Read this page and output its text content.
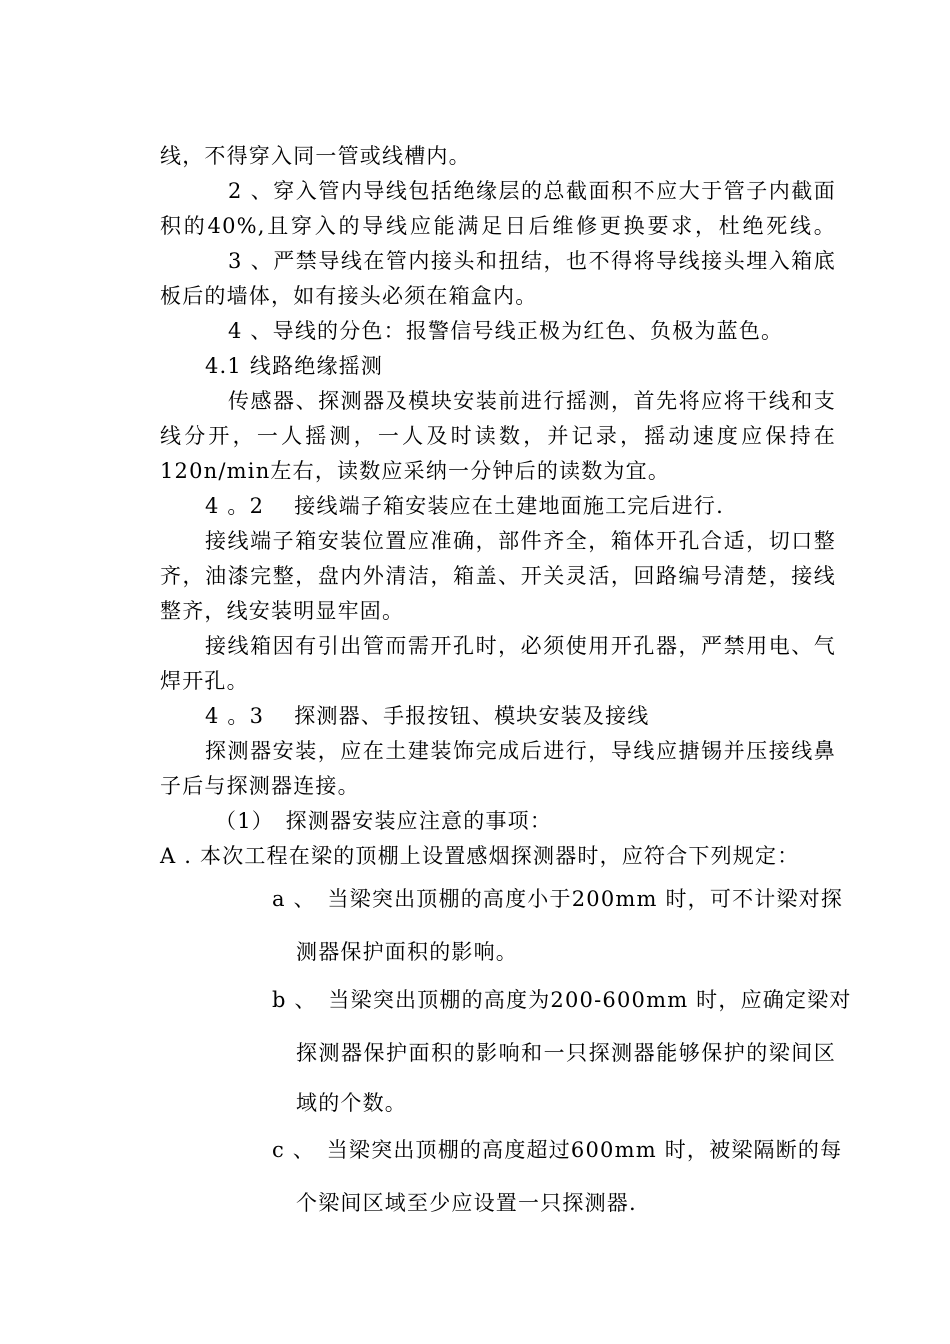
线，不得穿入同一管或线槽内。
2 、穿入管内导线包括绝缘层的总截面积不应大于管子内截面
积的40%,且穿入的导线应能满足日后维修更换要求，杜绝死线。
3 、严禁导线在管内接头和扭结，也不得将导线接头埋入箱底
板后的墙体，如有接头必须在箱盒内。
4 、导线的分色：报警信号线正极为红色、负极为蓝色。
4.1 线路绝缘摇测
传感器、探测器及模块安装前进行摇测，首先将应将干线和支
线分开，一人摇测，一人及时读数，并记录，摇动速度应保持在
120n/min左右，读数应采纳一分钟后的读数为宜。
4 。2　 接线端子箱安装应在土建地面施工完后进行.
接线端子箱安装位置应准确，部件齐全，箱体开孔合适，切口整
齐，油漆完整，盘内外清洁，箱盖、开关灵活，回路编号清楚，接线
整齐，线安装明显牢固。
接线箱因有引出管而需开孔时，必须使用开孔器，严禁用电、气
焊开孔。
4 。3　 探测器、手报按钮、模块安装及接线
探测器安装，应在土建装饰完成后进行，导线应搪锡并压接线鼻
子后与探测器连接。
（1）　探测器安装应注意的事项：
A . 本次工程在梁的顶棚上设置感烟探测器时，应符合下列规定：
a 、　当梁突出顶棚的高度小于200mm 时，可不计梁对探
测器保护面积的影响。
b 、　当梁突出顶棚的高度为200-600mm 时，应确定梁对
探测器保护面积的影响和一只探测器能够保护的梁间区
域的个数。
c 、　当梁突出顶棚的高度超过600mm 时，被梁隔断的每
个梁间区域至少应设置一只探测器.
